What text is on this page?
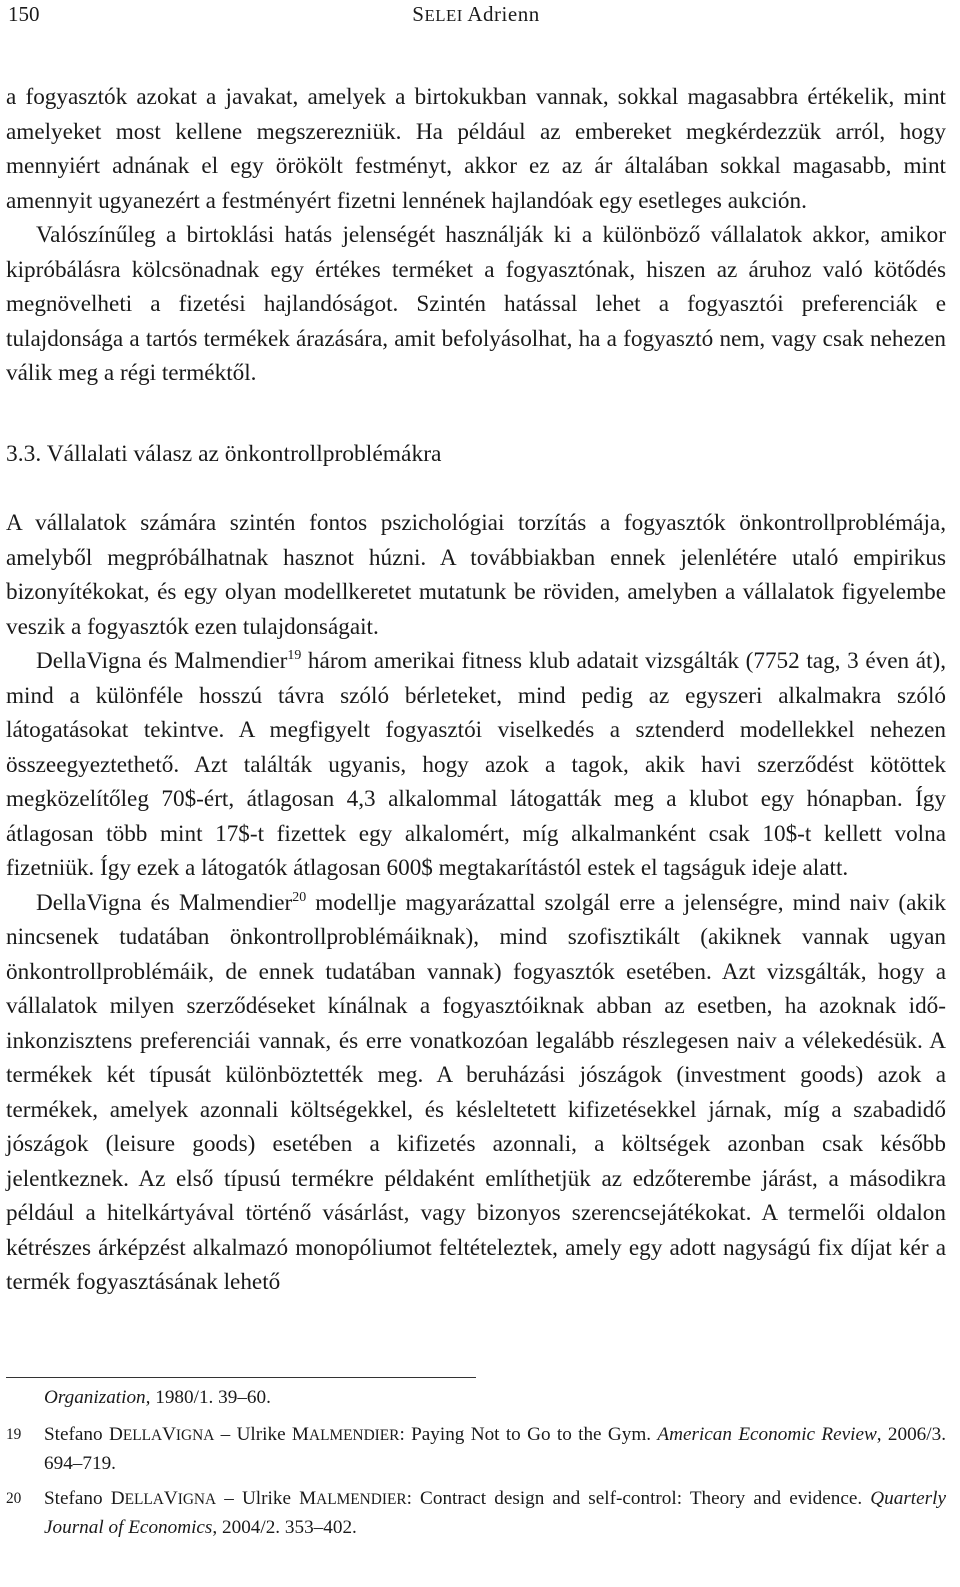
150	SELEI Adrienn

a fogyasztók azokat a javakat, amelyek a birtokukban vannak, sokkal magasabbra értékelik, mint amelyeket most kellene megszerezniük. Ha például az embereket megkérdezzük arról, hogy mennyiért adnának el egy örökölt festményt, akkor ez az ár általában sokkal magasabb, mint amennyit ugyanezért a festményért fizetni lennének hajlandóak egy esetleges aukción.

Valószínűleg a birtoklási hatás jelenségét használják ki a különböző vállalatok akkor, amikor kipróbálásra kölcsönadnak egy értékes terméket a fogyasztónak, hiszen az áruhoz való kötődés megnövelheti a fizetési hajlandóságot. Szintén hatással lehet a fogyasztói preferenciák e tulajdonsága a tartós termékek árazására, amit befolyásolhat, ha a fogyasztó nem, vagy csak nehezen válik meg a régi terméktől.

3.3. Vállalati válasz az önkontrollproblémákra

A vállalatok számára szintén fontos pszichológiai torzítás a fogyasztók önkontrollproblémája, amelyből megpróbálhatnak hasznot húzni. A továbbiakban ennek jelenlétére utaló empirikus bizonyítékokat, és egy olyan modellkeretet mutatunk be röviden, amelyben a vállalatok figyelembe veszik a fogyasztók ezen tulajdonságait.

DellaVigna és Malmendier$^{19}$ három amerikai fitness klub adatait vizsgálták (7752 tag, 3 éven át), mind a különféle hosszú távra szóló bérleteket, mind pedig az egyszeri alkalmakra szóló látogatásokat tekintve. A megfigyelt fogyasztói viselkedés a sztenderd modellekkel nehezen összeegyeztethető. Azt találták ugyanis, hogy azok a tagok, akik havi szerződést kötöttek megközelítőleg 70$-ért, átlagosan 4,3 alkalommal látogatták meg a klubot egy hónapban. Így átlagosan több mint 17$-t fizettek egy alkalomért, míg alkalmanként csak 10$-t kellett volna fizetniük. Így ezek a látogatók átlagosan 600$ megtakarítástól estek el tagságuk ideje alatt.

DellaVigna és Malmendier$^{20}$ modellje magyarázattal szolgál erre a jelenségre, mind naiv (akik nincsenek tudatában önkontrollproblémáiknak), mind szofisztikált (akiknek vannak ugyan önkontrollproblémáik, de ennek tudatában vannak) fogyasztók esetében. Azt vizsgálták, hogy a vállalatok milyen szerződéseket kínálnak a fogyasztóiknak abban az esetben, ha azoknak idő-inkonzisztens preferenciái vannak, és erre vonatkozóan legalább részlegesen naiv a vélekedésük. A termékek két típusát különböztették meg. A beruházási jószágok (investment goods) azok a termékek, amelyek azonnali költségekkel, és késleltetett kifizetésekkel járnak, míg a szabadidő jószágok (leisure goods) esetében a kifizetés azonnali, a költségek azonban csak később jelentkeznek. Az első típusú termékre példaként említhetjük az edzőterembe járást, a másodikra például a hitelkártyával történő vásárlást, vagy bizonyos szerencsejátékokat. A termelői oldalon kétrészes árképzést alkalmazó monopóliumot feltételeztek, amely egy adott nagyságú fix díjat kér a termék fogyasztásának lehető

Organization, 1980/1. 39–60.
19 Stefano DELLAVIGNA – Ulrike MALMENDIER: Paying Not to Go to the Gym. American Economic Review, 2006/3. 694–719.
20 Stefano DELLAVIGNA – Ulrike MALMENDIER: Contract design and self-control: Theory and evidence. Quarterly Journal of Economics, 2004/2. 353–402.
